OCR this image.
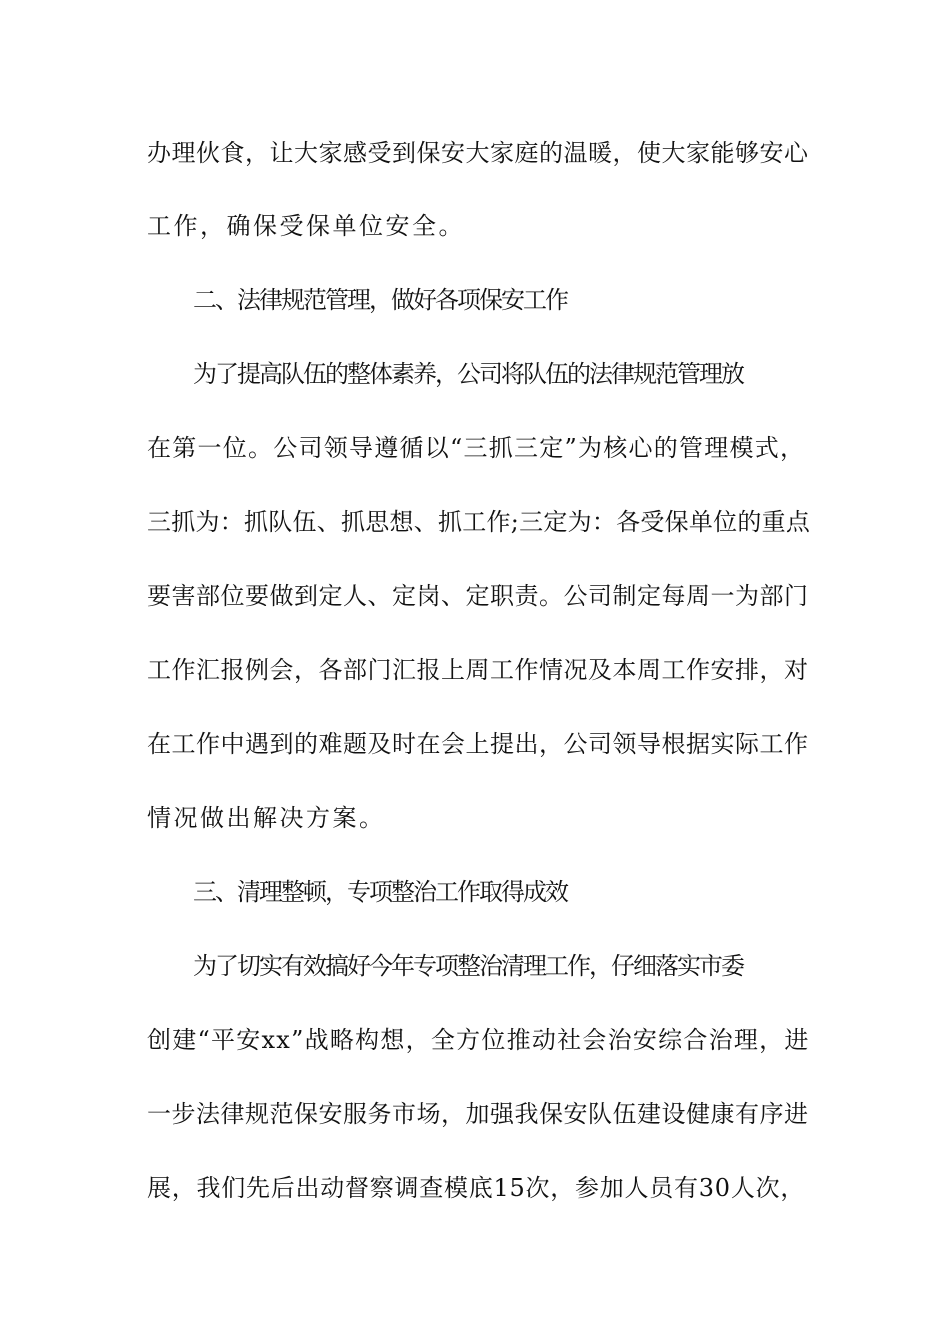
办理伙食，让大家感受到保安大家庭的温暖，使大家能够安心
工作，确保受保单位安全。
二、法律规范管理，做好各项保安工作
为了提高队伍的整体素养，公司将队伍的法律规范管理放
在第一位。公司领导遵循以“三抓三定”为核心的管理模式，
三抓为：抓队伍、抓思想、抓工作;三定为：各受保单位的重点
要害部位要做到定人、定岗、定职责。公司制定每周一为部门
工作汇报例会，各部门汇报上周工作情况及本周工作安排，对
在工作中遇到的难题及时在会上提出，公司领导根据实际工作
情况做出解决方案。
三、清理整顿，专项整治工作取得成效
为了切实有效搞好今年专项整治清理工作，仔细落实市委
创建“平安xx”战略构想，全方位推动社会治安综合治理，进
一步法律规范保安服务市场，加强我保安队伍建设健康有序进
展，我们先后出动督察调查模底15次，参加人员有30人次，
